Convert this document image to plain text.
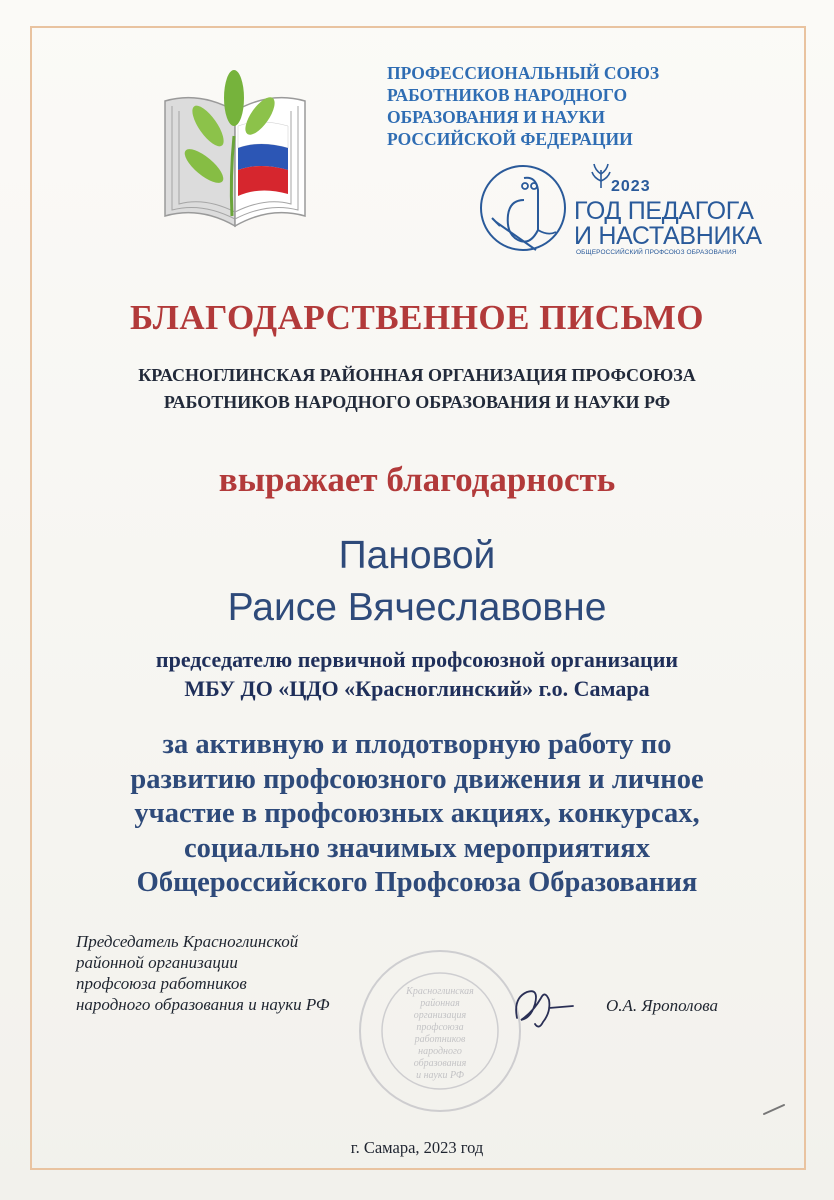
ПРОФЕССИОНАЛЬНЫЙ СОЮЗ
РАБОТНИКОВ НАРОДНОГО
ОБРАЗОВАНИЯ И НАУКИ
РОССИЙСКОЙ ФЕДЕРАЦИИ
2023
ГОД ПЕДАГОГА
И НАСТАВНИКА
ОБЩЕРОССИЙСКИЙ ПРОФСОЮЗ ОБРАЗОВАНИЯ
БЛАГОДАРСТВЕННОЕ ПИСЬМО
КРАСНОГЛИНСКАЯ РАЙОННАЯ ОРГАНИЗАЦИЯ ПРОФСОЮЗА
РАБОТНИКОВ НАРОДНОГО ОБРАЗОВАНИЯ И НАУКИ РФ
выражает благодарность
Пановой
Раисе Вячеславовне
председателю первичной профсоюзной организации
МБУ ДО «ЦДО «Красноглинский» г.о. Самара
за активную и плодотворную работу по
развитию профсоюзного движения и личное
участие в профсоюзных акциях, конкурсах,
социально значимых мероприятиях
Общероссийского Профсоюза Образования
Председатель Красноглинской
районной организации
профсоюза работников
народного образования и науки РФ
Красноглинская
районная
организация
профсоюза
работников
народного
образования
и науки РФ
О.А. Ярополова
г. Самара, 2023 год
